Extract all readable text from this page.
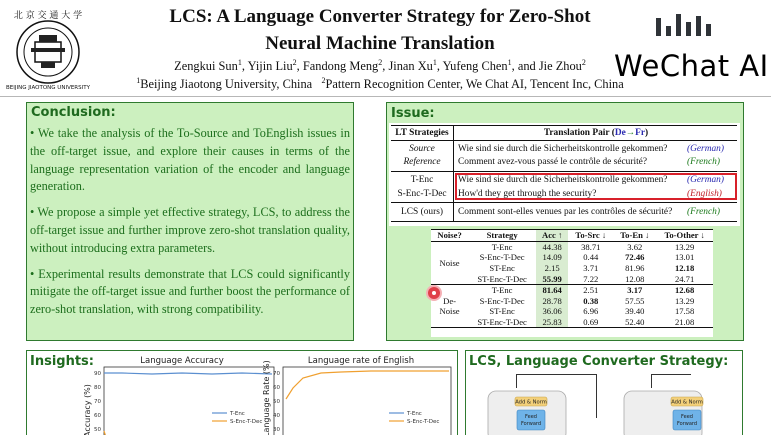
北 京 交 通 大 学
BEIJING JIAOTONG UNIVERSITY
LCS: A Language Converter Strategy for Zero-Shot
Neural Machine Translation
Zengkui Sun$^1$, Yijin Liu$^2$, Fandong Meng$^2$, Jinan Xu$^1$, Yufeng Chen$^1$, and Jie Zhou$^2$
$^1$Beijing Jiaotong University, China $^2$Pattern Recognition Center, We Chat AI, Tencent Inc, China
WeChat AI
Conclusion:

• We take the analysis of the To-Source and ToEnglish issues in the off-target issue, and explore their causes in terms of the language representation variation of the encoder and language generation.

• We propose a simple yet effective strategy, LCS, to address the off-target issue and further improve zero-shot translation quality, without introducing extra parameters.

• Experimental results demonstrate that LCS could significantly mitigate the off-target issue and further boost the performance of zero-shot translation, with strong compatibility.

Issue:
LT Strategies	Translation Pair (De→Fr)
Source	Wie sind sie durch die Sicherheitskontrolle gekommen? (German)
Reference	Comment avez-vous passé le contrôle de sécurité?	(French)
T-Enc	Wie sind sie durch die Sicherheitskontrolle gekommen? (German)
S-Enc-T-Dec	How'd they get through the security?	(English)
LCS (ours)	Comment sont-elles venues par les contrôles de sécurité? (French)
Noise?	Strategy	Acc ↑	To-Src ↓	To-En ↓	To-Other ↓
Noise	T-Enc	44.38	38.71	3.62	13.29
	S-Enc-T-Dec	14.09	0.44	72.46	13.01
	ST-Enc	2.15	3.71	81.96	12.18
	ST-Enc-T-Dec	55.99	7.22	12.08	24.71
De-
Noise	T-Enc	81.64	2.51	3.17	12.68
	S-Enc-T-Dec	28.78	0.38	57.55	13.29
	ST-Enc	36.06	6.96	39.40	17.58
	ST-Enc-T-Dec	25.83	0.69	52.40	21.08
Insights:	Language Accuracy
Accuracy (%)
90
80
70
60
50
T-Enc
S-Enc-T-Dec
Language rate of English
Language Rate (%) 70
60
50
40
30
T-Enc
S-Enc-T-Dec
LCS, Language Converter Strategy:
Add & Norm
Feed
Forward
Add & Norm
Feed
Forward
